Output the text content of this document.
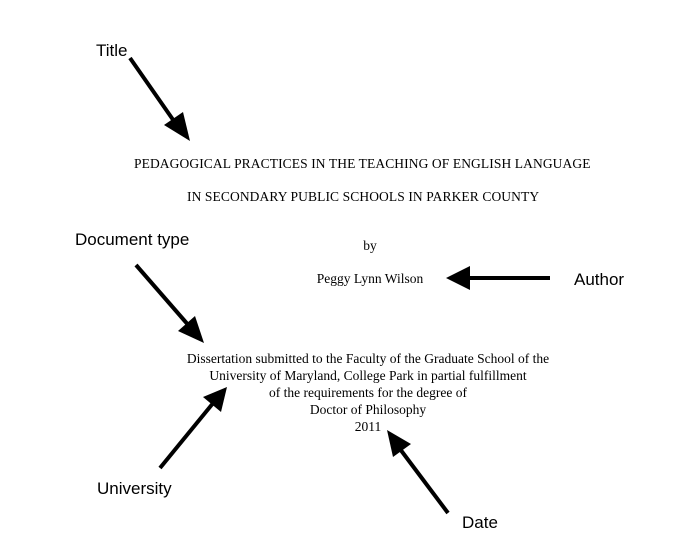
Title
Document type
Author
University
Date
PEDAGOGICAL PRACTICES IN THE TEACHING OF ENGLISH LANGUAGE
IN SECONDARY PUBLIC SCHOOLS IN PARKER COUNTY
by
Peggy Lynn Wilson
Dissertation submitted to the Faculty of the Graduate School of the
University of Maryland, College Park in partial fulfillment
of the requirements for the degree of
Doctor of Philosophy
2011
